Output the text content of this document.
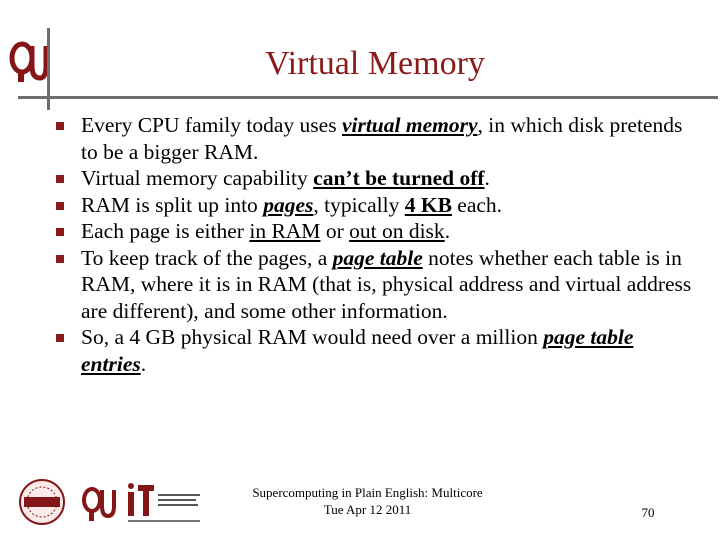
Virtual Memory
Every CPU family today uses virtual memory, in which disk pretends to be a bigger RAM.
Virtual memory capability can’t be turned off.
RAM is split up into pages, typically 4 KB each.
Each page is either in RAM or out on disk.
To keep track of the pages, a page table notes whether each table is in RAM, where it is in RAM (that is, physical address and virtual address are different), and some other information.
So, a 4 GB physical RAM would need over a million page table entries.
Supercomputing in Plain English: Multicore
Tue Apr 12 2011	70
